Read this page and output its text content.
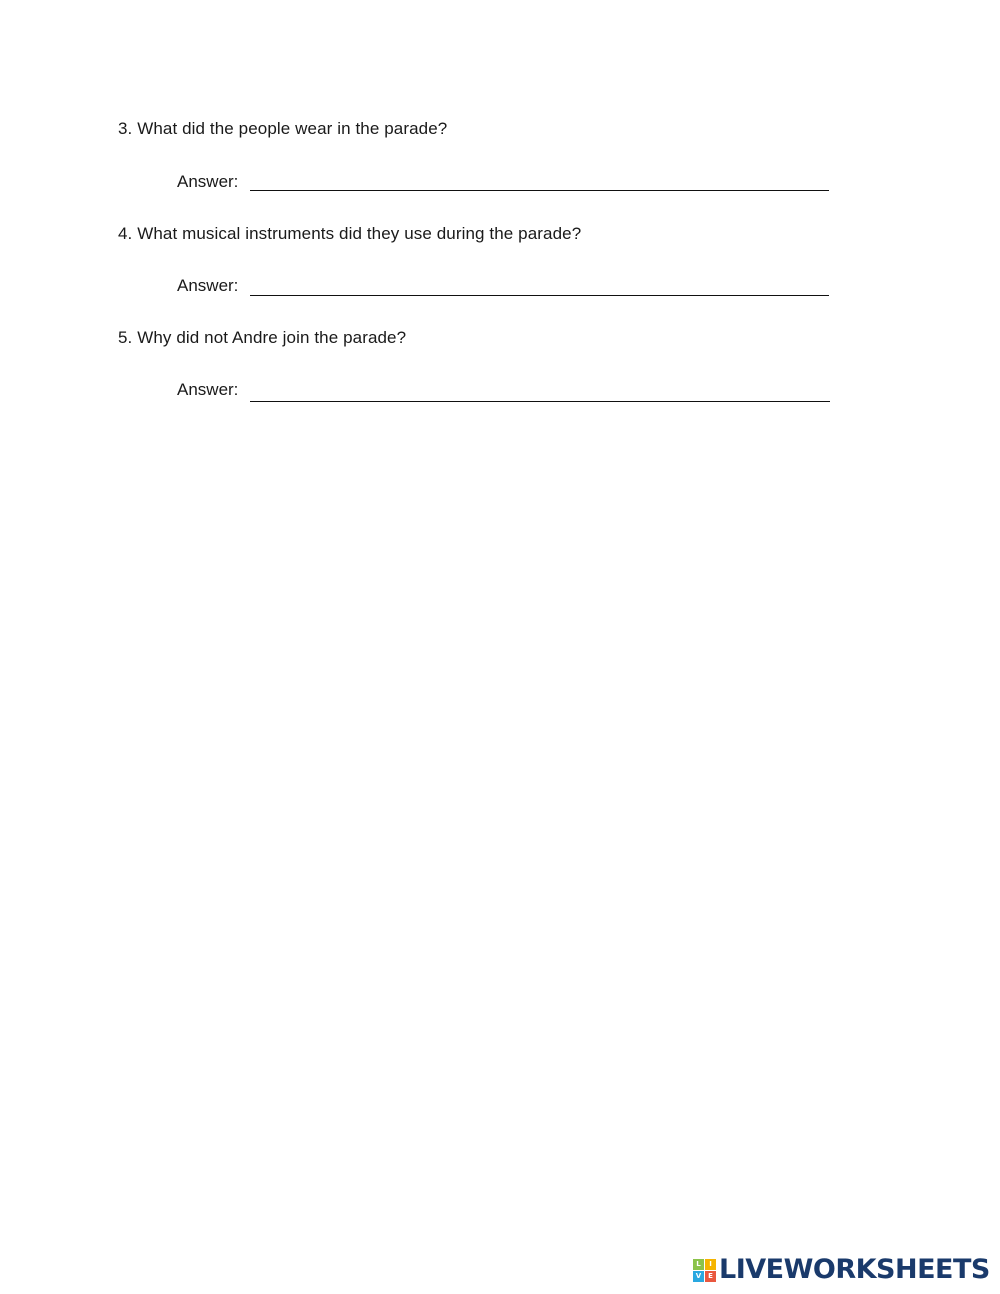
3. What did the people wear in the parade?
Answer:
4. What musical instruments did they use during the parade?
Answer:
5. Why did not Andre join the parade?
Answer:
L	I
V E LIVEWORKSHEETS
